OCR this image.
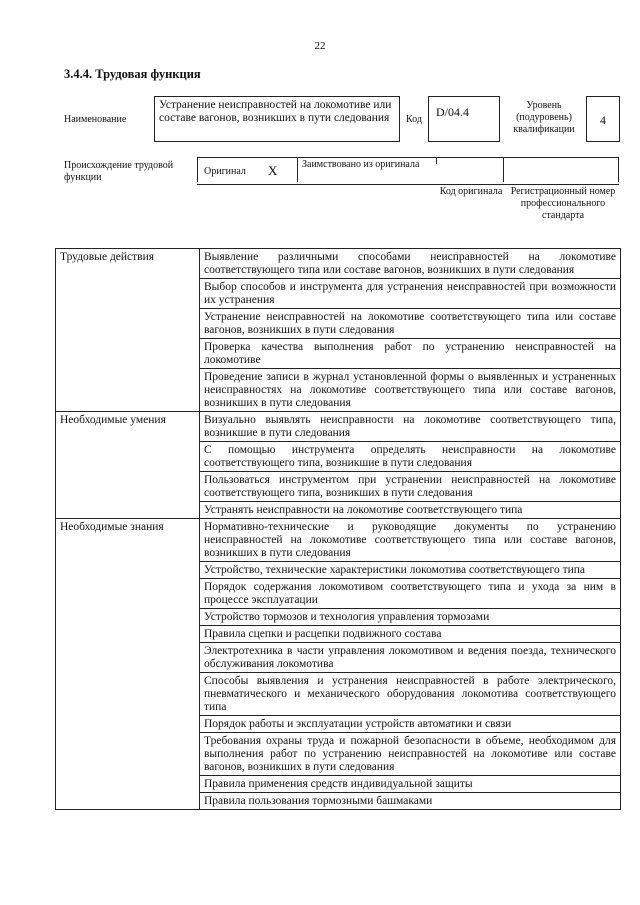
22
3.4.4. Трудовая функция
Наименование
Устранение неисправностей на локомотиве или составе вагонов, возникших в пути следования	Код
D/04.4	Уровень (подуровень) квалификации
4
Происхождение трудовой функции
Оригинал X Заимствовано из оригинала
Код оригинала Регистрационный номер профессионального стандарта
Трудовые действия	Выявление различными способами неисправностей на локомотиве соответствующего типа или составе вагонов, возникших в пути следования
	Выбор способов и инструмента для устранения неисправностей при возможности их устранения
	Устранение неисправностей на локомотиве соответствующего типа или составе вагонов, возникших в пути следования
	Проверка качества выполнения работ по устранению неисправностей на локомотиве
	Проведение записи в журнал установленной формы о выявленных и устраненных неисправностях на локомотиве соответствующего типа или составе вагонов, возникших в пути следования
Необходимые умения	Визуально выявлять неисправности на локомотиве соответствующего типа, возникшие в пути следования
	С помощью инструмента определять неисправности на локомотиве соответствующего типа, возникшие в пути следования
	Пользоваться инструментом при устранении неисправностей на локомотиве соответствующего типа, возникших в пути следования
	Устранять неисправности на локомотиве соответствующего типа
Необходимые знания	Нормативно-технические и руководящие документы по устранению неисправностей на локомотиве соответствующего типа или составе вагонов, возникших в пути следования
	Устройство, технические характеристики локомотива соответствующего типа
	Порядок содержания локомотивом соответствующего типа и ухода за ним в процессе эксплуатации
	Устройство тормозов и технология управления тормозами
	Правила сцепки и расцепки подвижного состава
	Электротехника в части управления локомотивом и ведения поезда, технического обслуживания локомотива
	Способы выявления и устранения неисправностей в работе электрического, пневматического и механического оборудования локомотива соответствующего типа
	Порядок работы и эксплуатации устройств автоматики и связи
	Требования охраны труда и пожарной безопасности в объеме, необходимом для выполнения работ по устранению неисправностей на локомотиве или составе вагонов, возникших в пути следования
	Правила применения средств индивидуальной защиты
	Правила пользования тормозными башмаками
